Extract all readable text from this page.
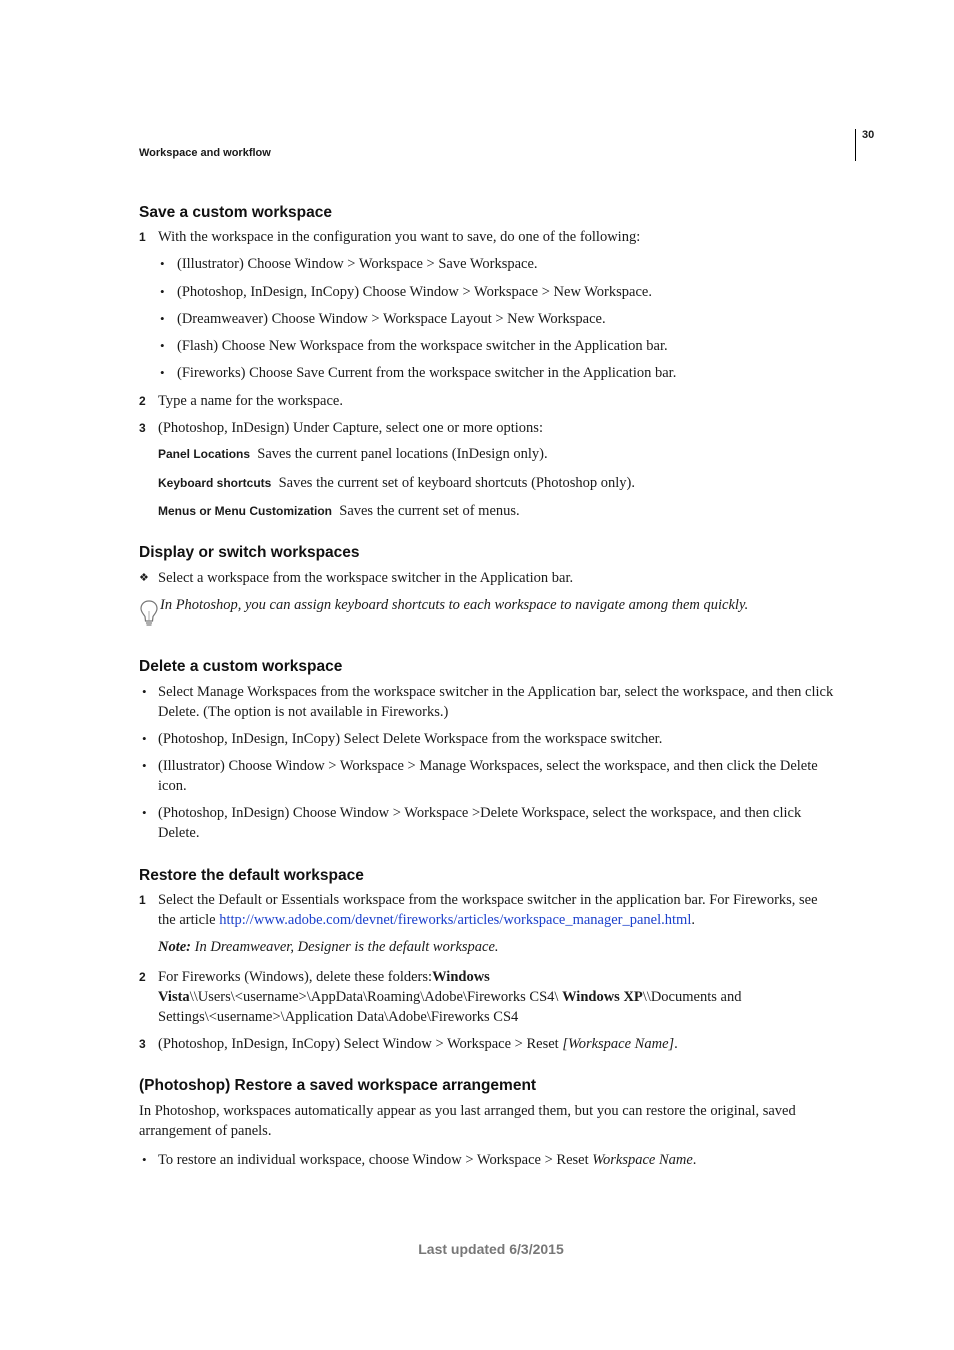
Workspace and workflow
30
Save a custom workspace
1 With the workspace in the configuration you want to save, do one of the following:
• (Illustrator) Choose Window > Workspace > Save Workspace.
• (Photoshop, InDesign, InCopy) Choose Window > Workspace > New Workspace.
• (Dreamweaver) Choose Window > Workspace Layout > New Workspace.
• (Flash) Choose New Workspace from the workspace switcher in the Application bar.
• (Fireworks) Choose Save Current from the workspace switcher in the Application bar.
2 Type a name for the workspace.
3 (Photoshop, InDesign) Under Capture, select one or more options:
Panel Locations Saves the current panel locations (InDesign only).
Keyboard shortcuts Saves the current set of keyboard shortcuts (Photoshop only).
Menus or Menu Customization Saves the current set of menus.
Display or switch workspaces
❖ Select a workspace from the workspace switcher in the Application bar.
In Photoshop, you can assign keyboard shortcuts to each workspace to navigate among them quickly.
Delete a custom workspace
• Select Manage Workspaces from the workspace switcher in the Application bar, select the workspace, and then click
Delete. (The option is not available in Fireworks.)
• (Photoshop, InDesign, InCopy) Select Delete Workspace from the workspace switcher.
• (Illustrator) Choose Window > Workspace > Manage Workspaces, select the workspace, and then click the Delete
icon.
• (Photoshop, InDesign) Choose Window > Workspace >Delete Workspace, select the workspace, and then click
Delete.
Restore the default workspace
1 Select the Default or Essentials workspace from the workspace switcher in the application bar. For Fireworks, see
the article http://www.adobe.com/devnet/fireworks/articles/workspace_manager_panel.html.
Note: In Dreamweaver, Designer is the default workspace.
2 For Fireworks (Windows), delete these folders:Windows
Vista\\Users\<username>\AppData\Roaming\Adobe\Fireworks CS4\ Windows XP\\Documents and
Settings\<username>\Application Data\Adobe\Fireworks CS4
3 (Photoshop, InDesign, InCopy) Select Window > Workspace > Reset [Workspace Name].
(Photoshop) Restore a saved workspace arrangement
In Photoshop, workspaces automatically appear as you last arranged them, but you can restore the original, saved
arrangement of panels.
• To restore an individual workspace, choose Window > Workspace > Reset Workspace Name.
Last updated 6/3/2015
